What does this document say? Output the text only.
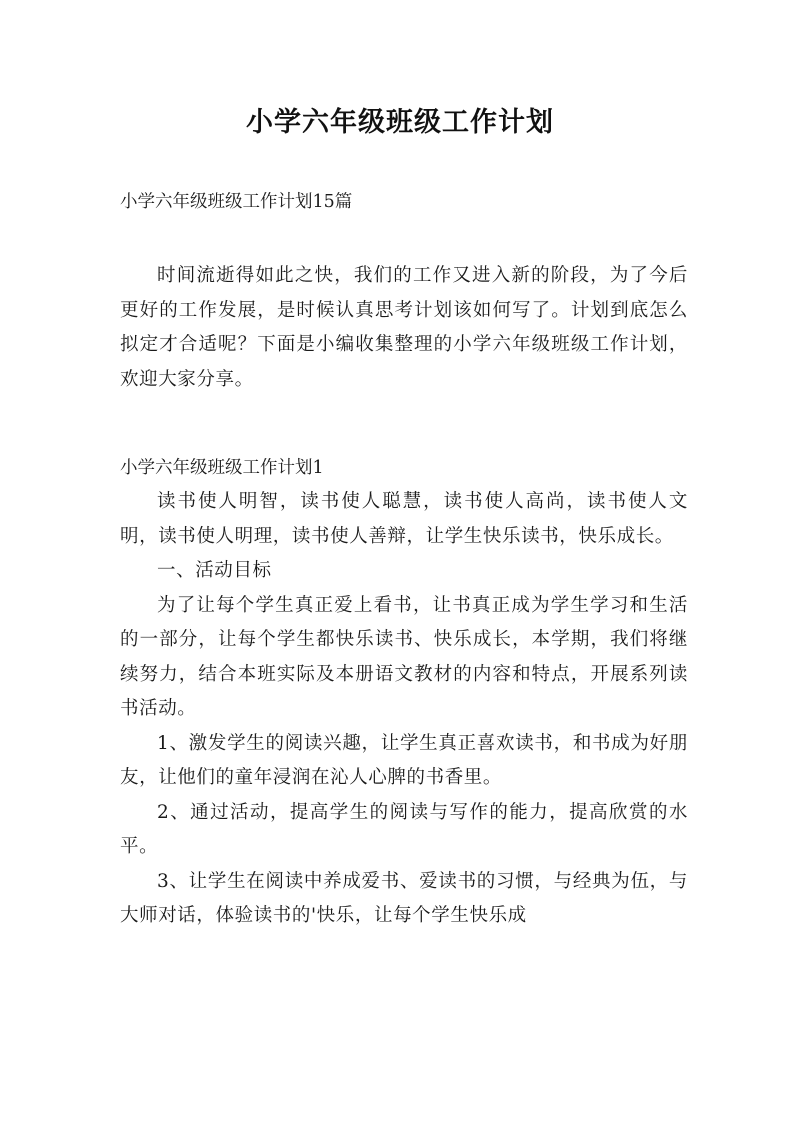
小学六年级班级工作计划

小学六年级班级工作计划15篇

时间流逝得如此之快，我们的工作又进入新的阶段，为了今后更好的工作发展，是时候认真思考计划该如何写了。计划到底怎么拟定才合适呢？下面是小编收集整理的小学六年级班级工作计划，欢迎大家分享。

小学六年级班级工作计划1

读书使人明智，读书使人聪慧，读书使人高尚，读书使人文明，读书使人明理，读书使人善辩，让学生快乐读书，快乐成长。

一、活动目标

为了让每个学生真正爱上看书，让书真正成为学生学习和生活的一部分，让每个学生都快乐读书、快乐成长，本学期，我们将继续努力，结合本班实际及本册语文教材的内容和特点，开展系列读书活动。

1、激发学生的阅读兴趣，让学生真正喜欢读书，和书成为好朋友，让他们的童年浸润在沁人心脾的书香里。

2、通过活动，提高学生的阅读与写作的能力，提高欣赏的水平。

3、让学生在阅读中养成爱书、爱读书的习惯，与经典为伍，与大师对话，体验读书的'快乐，让每个学生快乐成
